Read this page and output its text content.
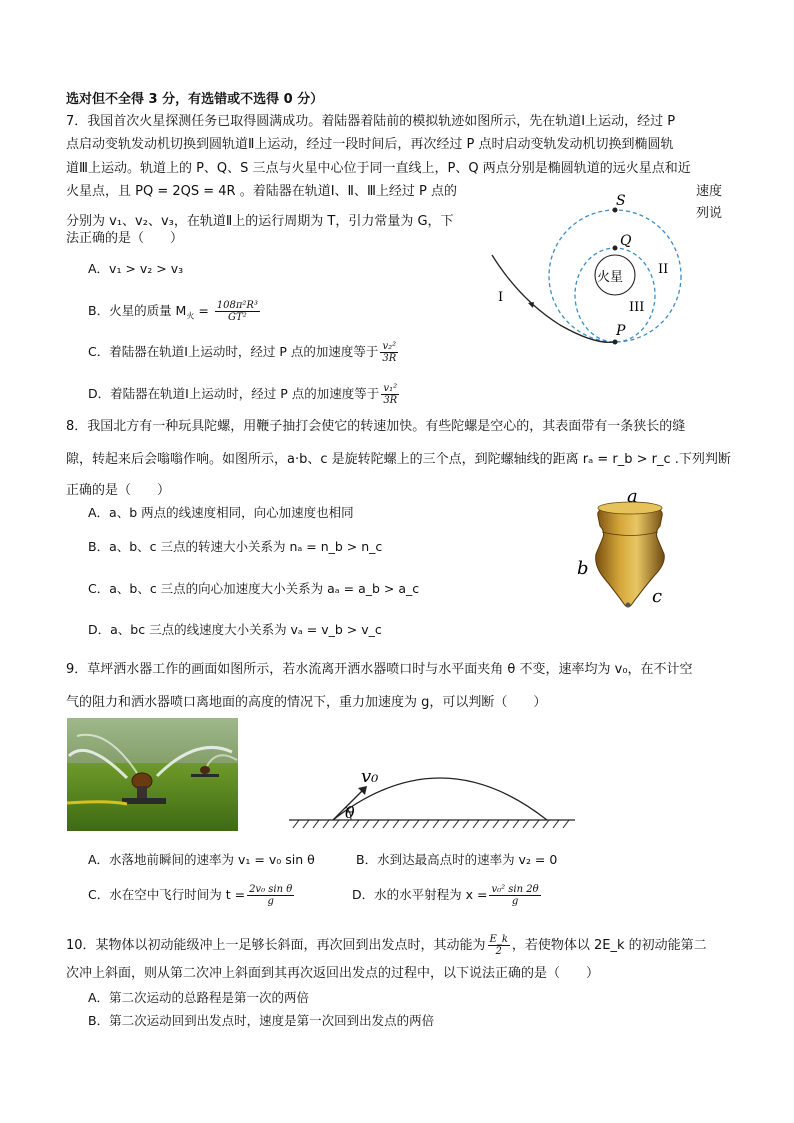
选对但不全得 3 分，有选错或不选得 0 分）
7．我国首次火星探测任务已取得圆满成功。着陆器着陆前的模拟轨迹如图所示，先在轨道Ⅰ上运动，经过 P
点启动变轨发动机切换到圆轨道Ⅱ上运动，经过一段时间后，再次经过 P 点时启动变轨发动机切换到椭圆轨
道Ⅲ上运动。轨道上的 P、Q、S 三点与火星中心位于同一直线上，P、Q 两点分别是椭圆轨道的远火星点和近
火星点，且 PQ = 2QS = 4R 。着陆器在轨道Ⅰ、Ⅱ、Ⅲ上经过 P 点的
分别为 v₁、v₂、v₃，在轨道Ⅱ上的运行周期为 T，引力常量为 G，下
法正确的是（　　）
速度
列说
A．v₁ > v₂ > v₃
B．火星的质量 $M_火 = \frac{\text{108π²R³}}{\text{GT²}}$
C．着陆器在轨道Ⅰ上运动时，经过 P 点的加速度等于 $\frac{\text{v₂²}}{3R}$
D．着陆器在轨道Ⅰ上运动时，经过 P 点的加速度等于 $\frac{\text{v₁²}}{3R}$
S
Q
P
II
III
I
火星
8．我国北方有一种玩具陀螺，用鞭子抽打会使它的转速加快。有些陀螺是空心的，其表面带有一条狭长的缝
隙，转起来后会嗡嗡作响。如图所示，a·b、c 是旋转陀螺上的三个点，到陀螺轴线的距离 rₐ = r_b > r_c .下列判断
正确的是（　　）
A．a、b 两点的线速度相同，向心加速度也相同
B．a、b、c 三点的转速大小关系为 nₐ = n_b > n_c
C．a、b、c 三点的向心加速度大小关系为 aₐ = a_b > a_c
D．a、bc 三点的线速度大小关系为 vₐ = v_b > v_c
a
b
c
9．草坪洒水器工作的画面如图所示，若水流离开洒水器喷口时与水平面夹角 θ 不变，速率均为 v₀，在不计空
气的阻力和洒水器喷口离地面的高度的情况下，重力加速度为 g，可以判断（　　）
v₀
θ
A．水落地前瞬间的速率为 v₁ = v₀ sin θ	B．水到达最高点时的速率为 v₂ = 0
C．水在空中飞行时间为 $t = \frac{\text{2v₀ sin θ}}{g}$	D．水的水平射程为 $x = \frac{\text{v₀² sin 2θ}}{g}$
10．某物体以初动能级冲上一足够长斜面，再次回到出发点时，其动能为 $\frac{E\_k}{2}$ ，若使物体以 2E_k 的初动能第二
次冲上斜面，则从第二次冲上斜面到其再次返回出发点的过程中，以下说法正确的是（　　）
A．第二次运动的总路程是第一次的两倍
B．第二次运动回到出发点时，速度是第一次回到出发点的两倍
